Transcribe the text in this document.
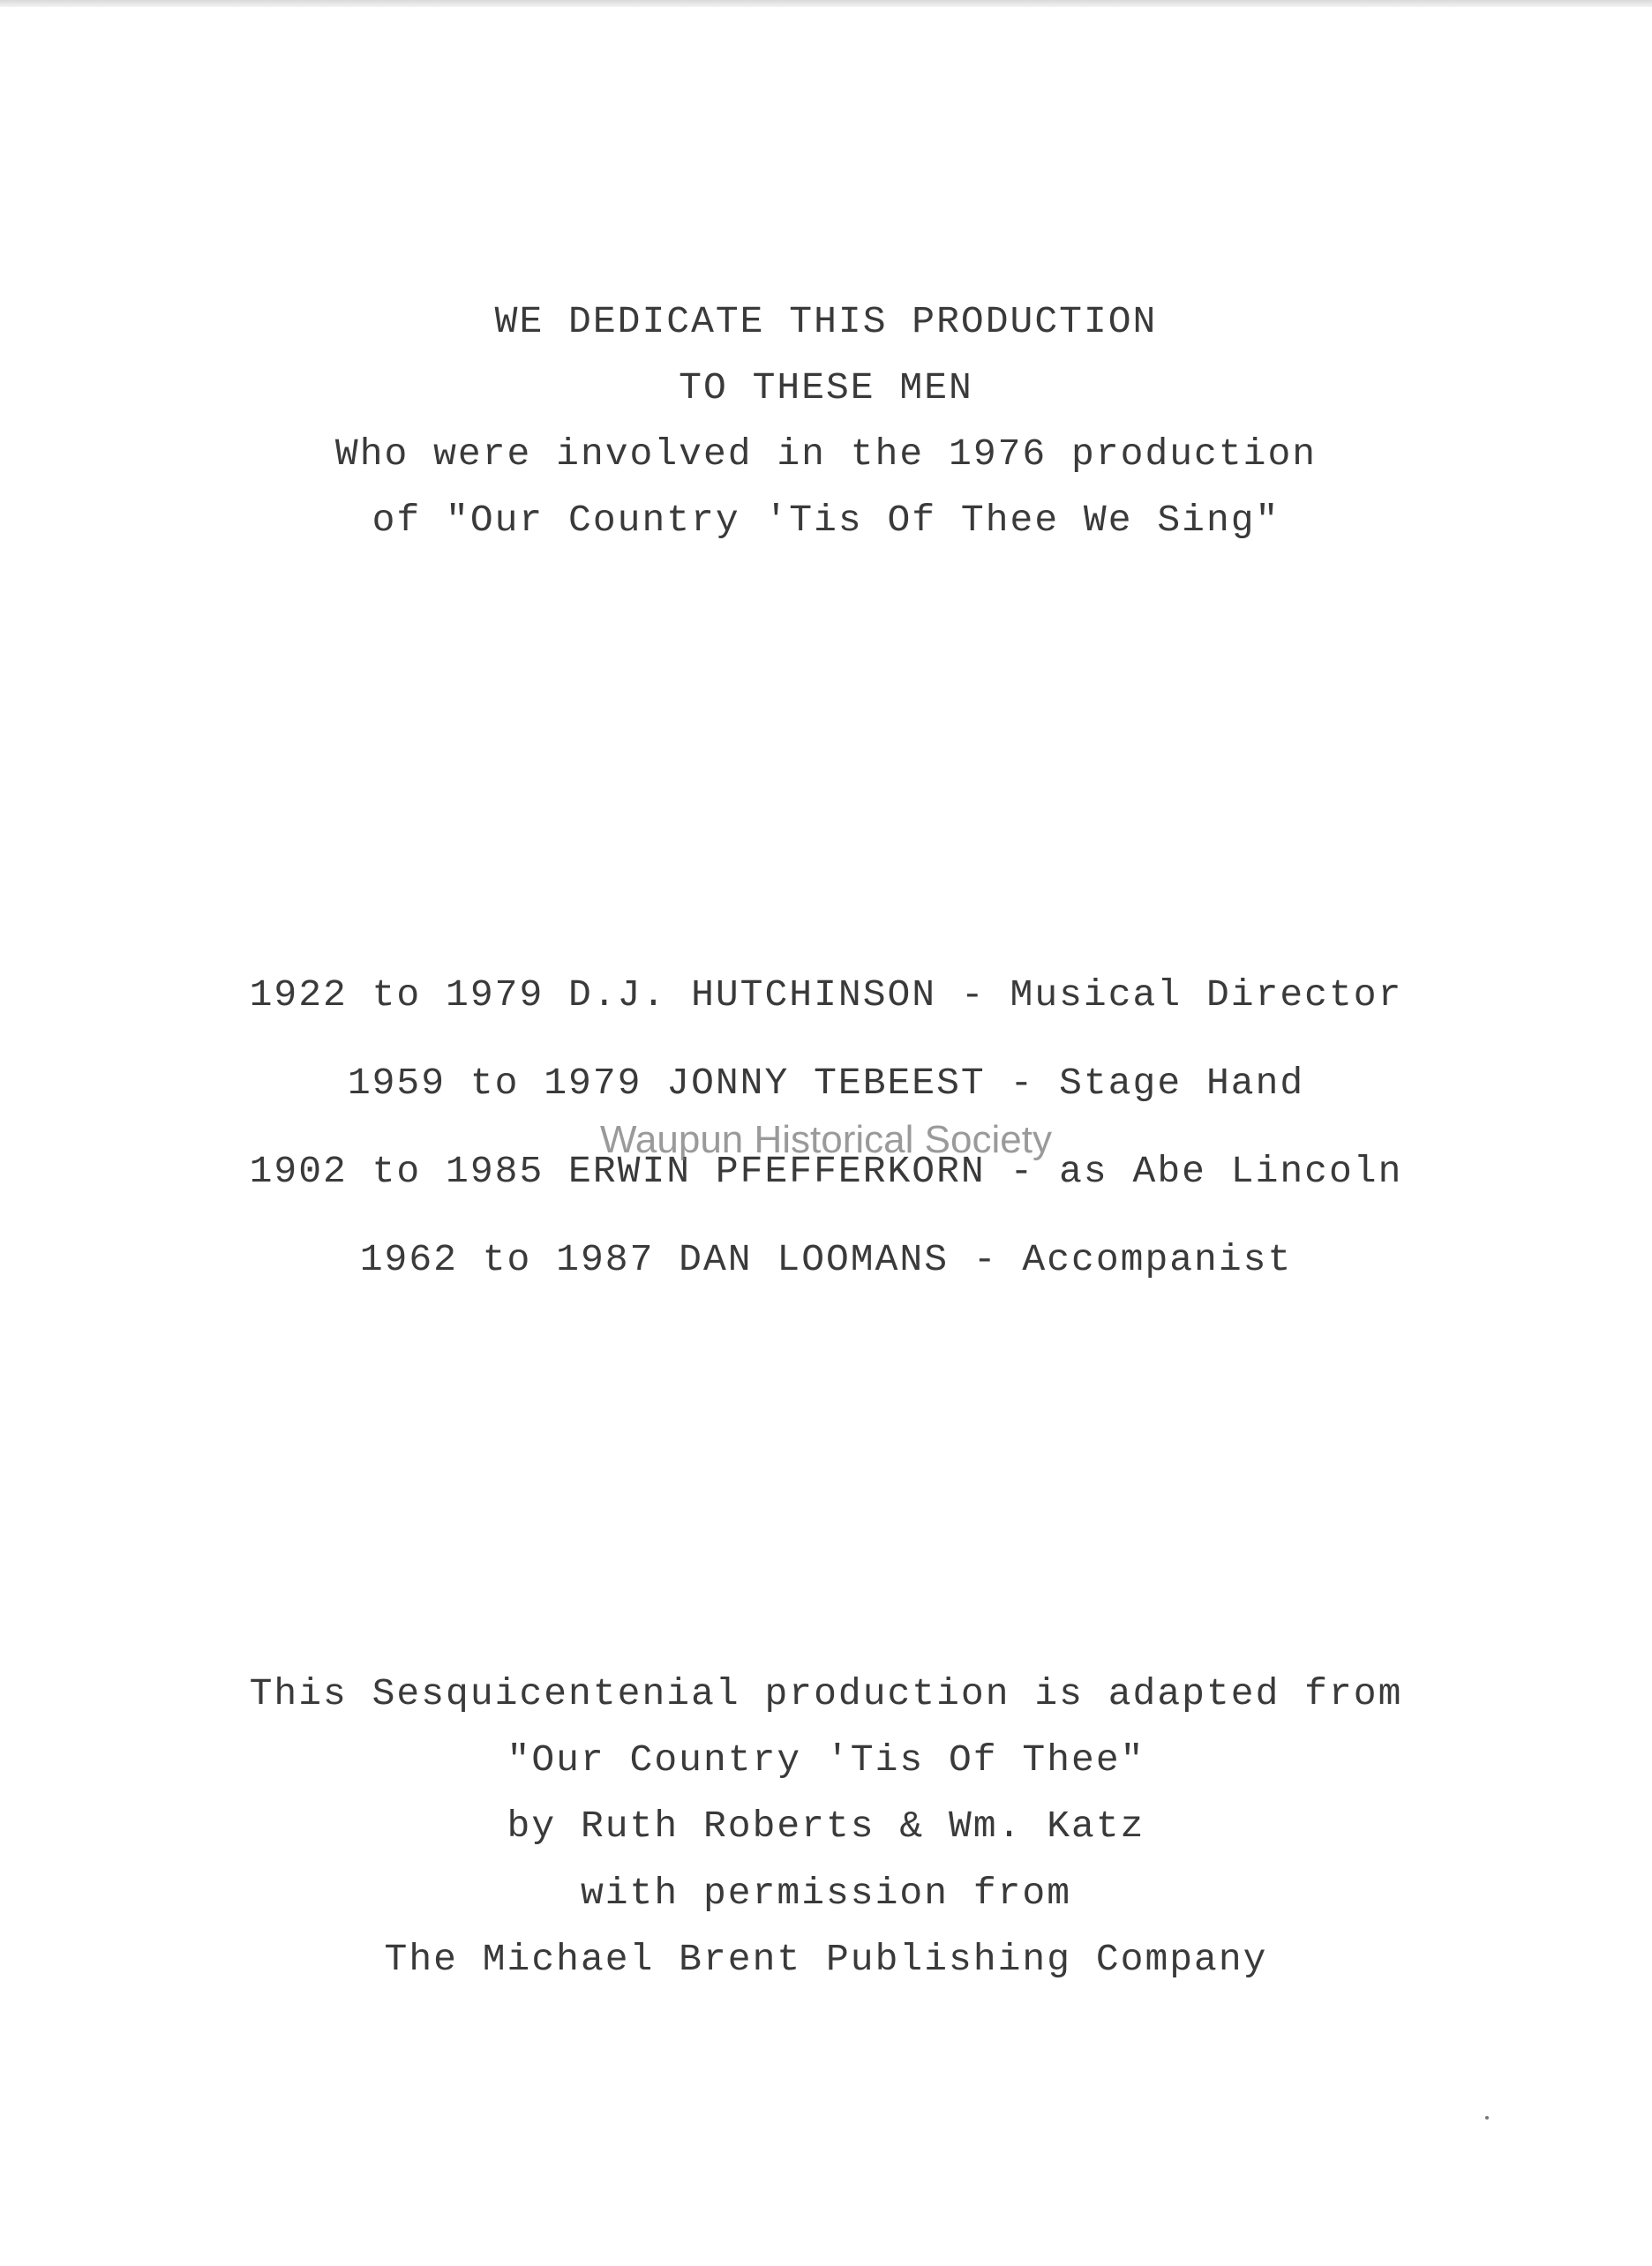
WE DEDICATE THIS PRODUCTION
TO THESE MEN
Who were involved in the 1976 production
of "Our Country 'Tis Of Thee We Sing"
1922 to 1979 D.J. HUTCHINSON - Musical Director
1959 to 1979 JONNY TEBEEST - Stage Hand
1902 to 1985 ERWIN PFEFFERKORN - as Abe Lincoln
1962 to 1987 DAN LOOMANS - Accompanist
Waupun Historical Society
This Sesquicentenial production is adapted from
"Our Country 'Tis Of Thee"
by Ruth Roberts & Wm. Katz
with permission from
The Michael Brent Publishing Company
